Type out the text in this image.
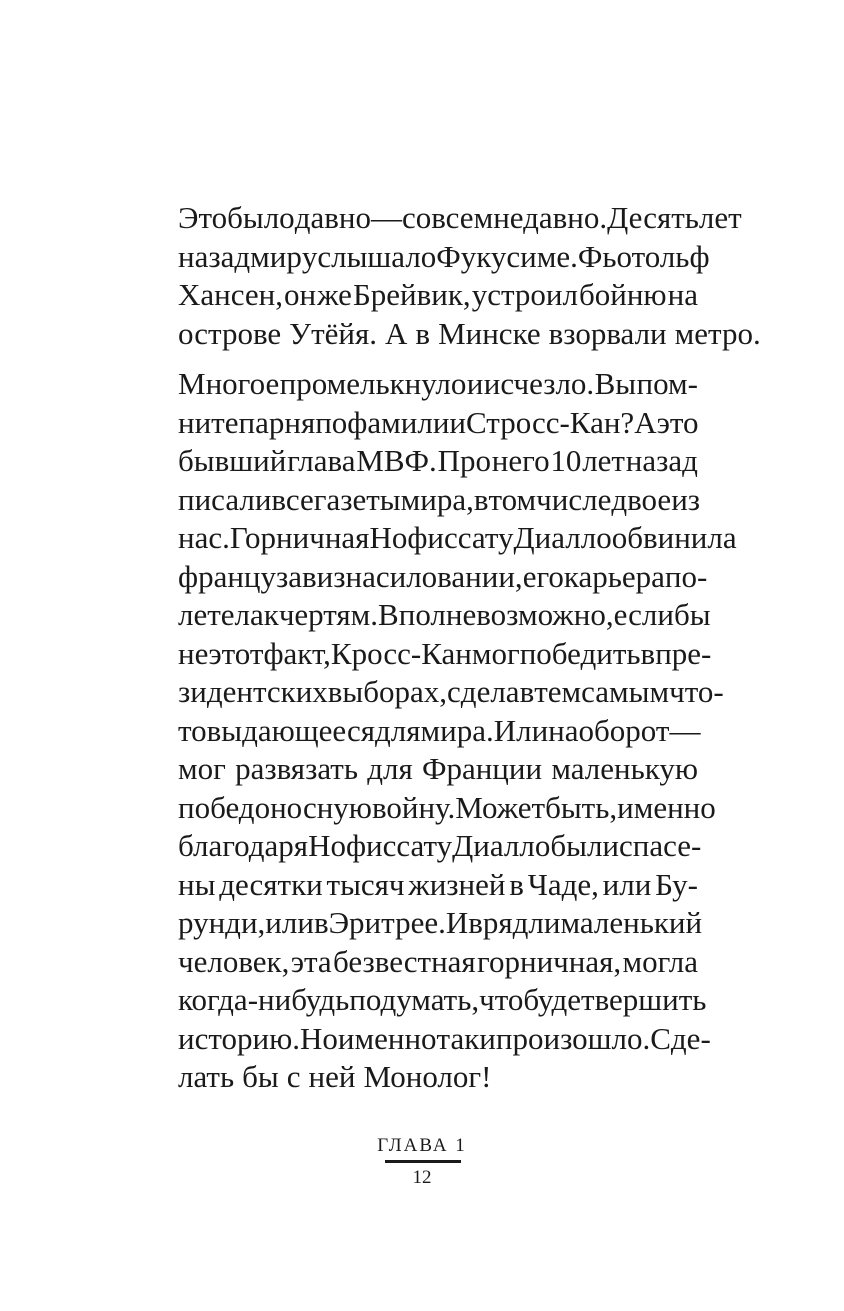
Это было давно — совсем недавно. Десять лет
назад мир услышал о Фукусиме. Фьотольф
Хансен, он же Брейвик, устроил бойню на
острове Утёйя. А в Минске взорвали метро.
Многое промелькнуло и исчезло. Вы пом-
ните парня по фамилии Стросс-Кан? А это
бывший глава МВФ. Про него 10 лет назад
писали все газеты мира, в том числе двое из
нас. Горничная Нофиссату Диалло обвинила
француза в изнасиловании, его карьера по-
летела к чертям. Вполне возможно, если бы
не этот факт, Кросс-Кан мог победить в пре-
зидентских выборах, сделав тем самым что-
то выдающееся для мира. Или наоборот —
мог развязать для Франции маленькую
победоносную войну. Может быть, именно
благодаря Нофиссату Диалло были спасе-
ны десятки тысяч жизней в Чаде, или Бу-
рунди, или в Эритрее. И вряд ли маленький
человек, эта безвестная горничная, могла
когда-нибудь подумать, что будет вершить
историю. Но именно так и произошло. Сде-
лать бы с ней Монолог!
ГЛАВА 1
12
